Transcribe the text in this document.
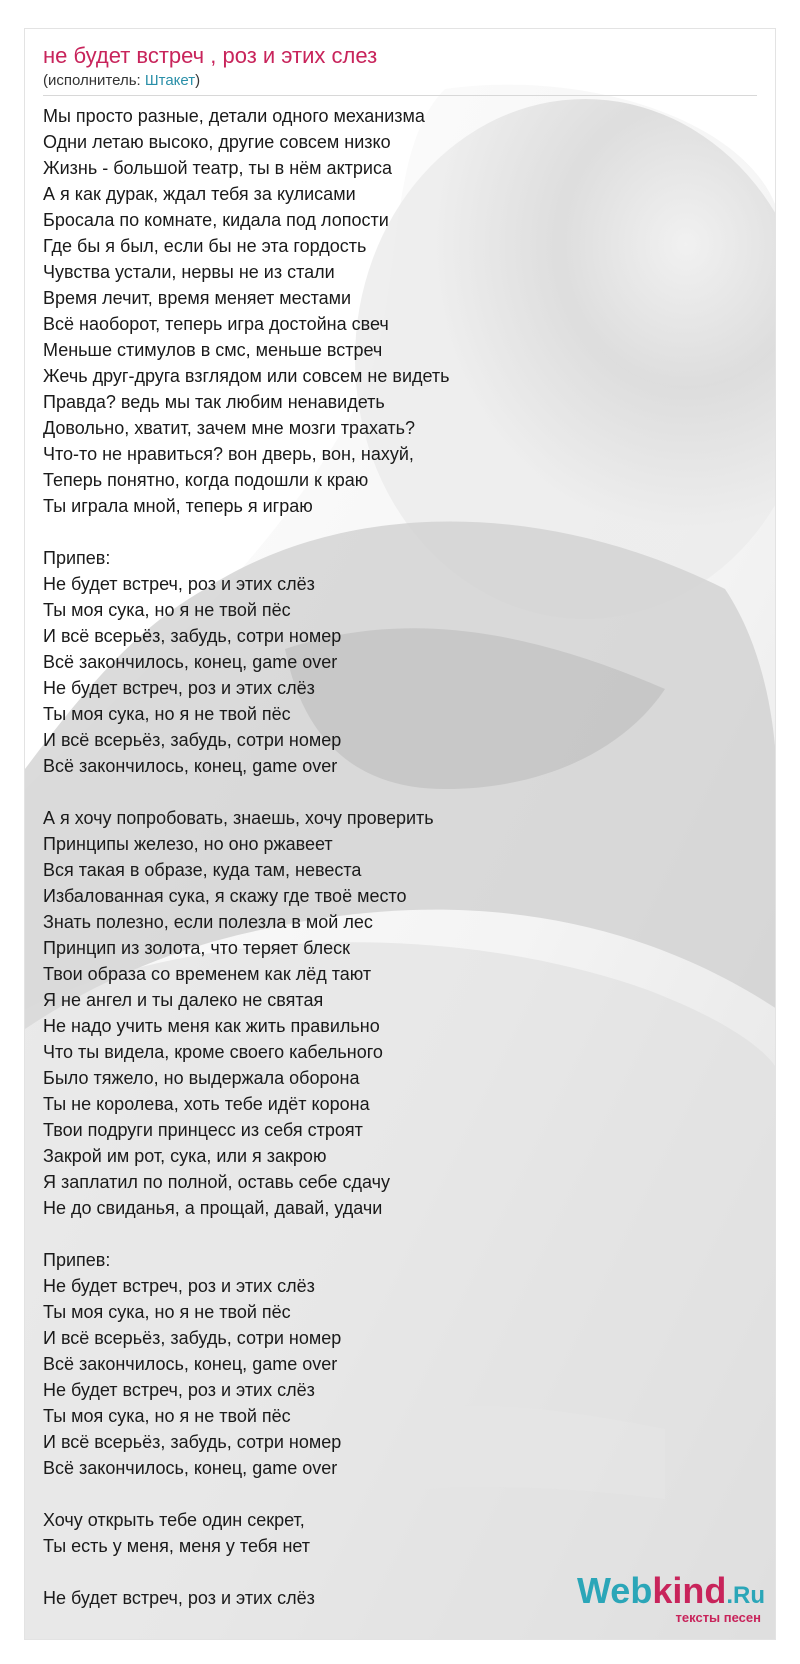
не будет встреч , роз и этих слез
(исполнитель: Штакет)
Мы просто разные, детали одного механизма
Одни летаю высоко, другие совсем низко
Жизнь - большой театр, ты в нём актриса
А я как дурак, ждал тебя за кулисами
Бросала по комнате, кидала под лопости
Где бы я был, если бы не эта гордость
Чувства устали, нервы не из стали
Время лечит, время меняет местами
Всё наоборот, теперь игра достойна свеч
Меньше стимулов в смс, меньше встреч
Жечь друг-друга взглядом или совсем не видеть
Правда? ведь мы так любим ненавидеть
Довольно, хватит, зачем мне мозги трахать?
Что-то не нравиться? вон дверь, вон, нахуй,
Теперь понятно, когда подошли к краю
Ты играла мной, теперь я играю
Припев:
Не будет встреч, роз и этих слёз
Ты моя сука, но я не твой пёс
И всё всерьёз, забудь, сотри номер
Всё закончилось, конец, game over
Не будет встреч, роз и этих слёз
Ты моя сука, но я не твой пёс
И всё всерьёз, забудь, сотри номер
Всё закончилось, конец, game over
А я хочу попробовать, знаешь, хочу проверить
Принципы железо, но оно ржавеет
Вся такая в образе, куда там, невеста
Избалованная сука, я скажу где твоё место
Знать полезно, если полезла в мой лес
Принцип из золота, что теряет блеск
Твои образа со временем как лёд тают
Я не ангел и ты далеко не святая
Не надо учить меня как жить правильно
Что ты видела, кроме своего кабельного
Было тяжело, но выдержала оборона
Ты не королева, хоть тебе идёт корона
Твои подруги принцесс из себя строят
Закрой им рот, сука, или я закрою
Я заплатил по полной, оставь себе сдачу
Не до свиданья, а прощай, давай, удачи
Припев:
Не будет встреч, роз и этих слёз
Ты моя сука, но я не твой пёс
И всё всерьёз, забудь, сотри номер
Всё закончилось, конец, game over
Не будет встреч, роз и этих слёз
Ты моя сука, но я не твой пёс
И всё всерьёз, забудь, сотри номер
Всё закончилось, конец, game over
Хочу открыть тебе один секрет,
Ты есть у меня, меня у тебя нет
Не будет встреч, роз и этих слёз	Webkind.Ru
тексты песен
